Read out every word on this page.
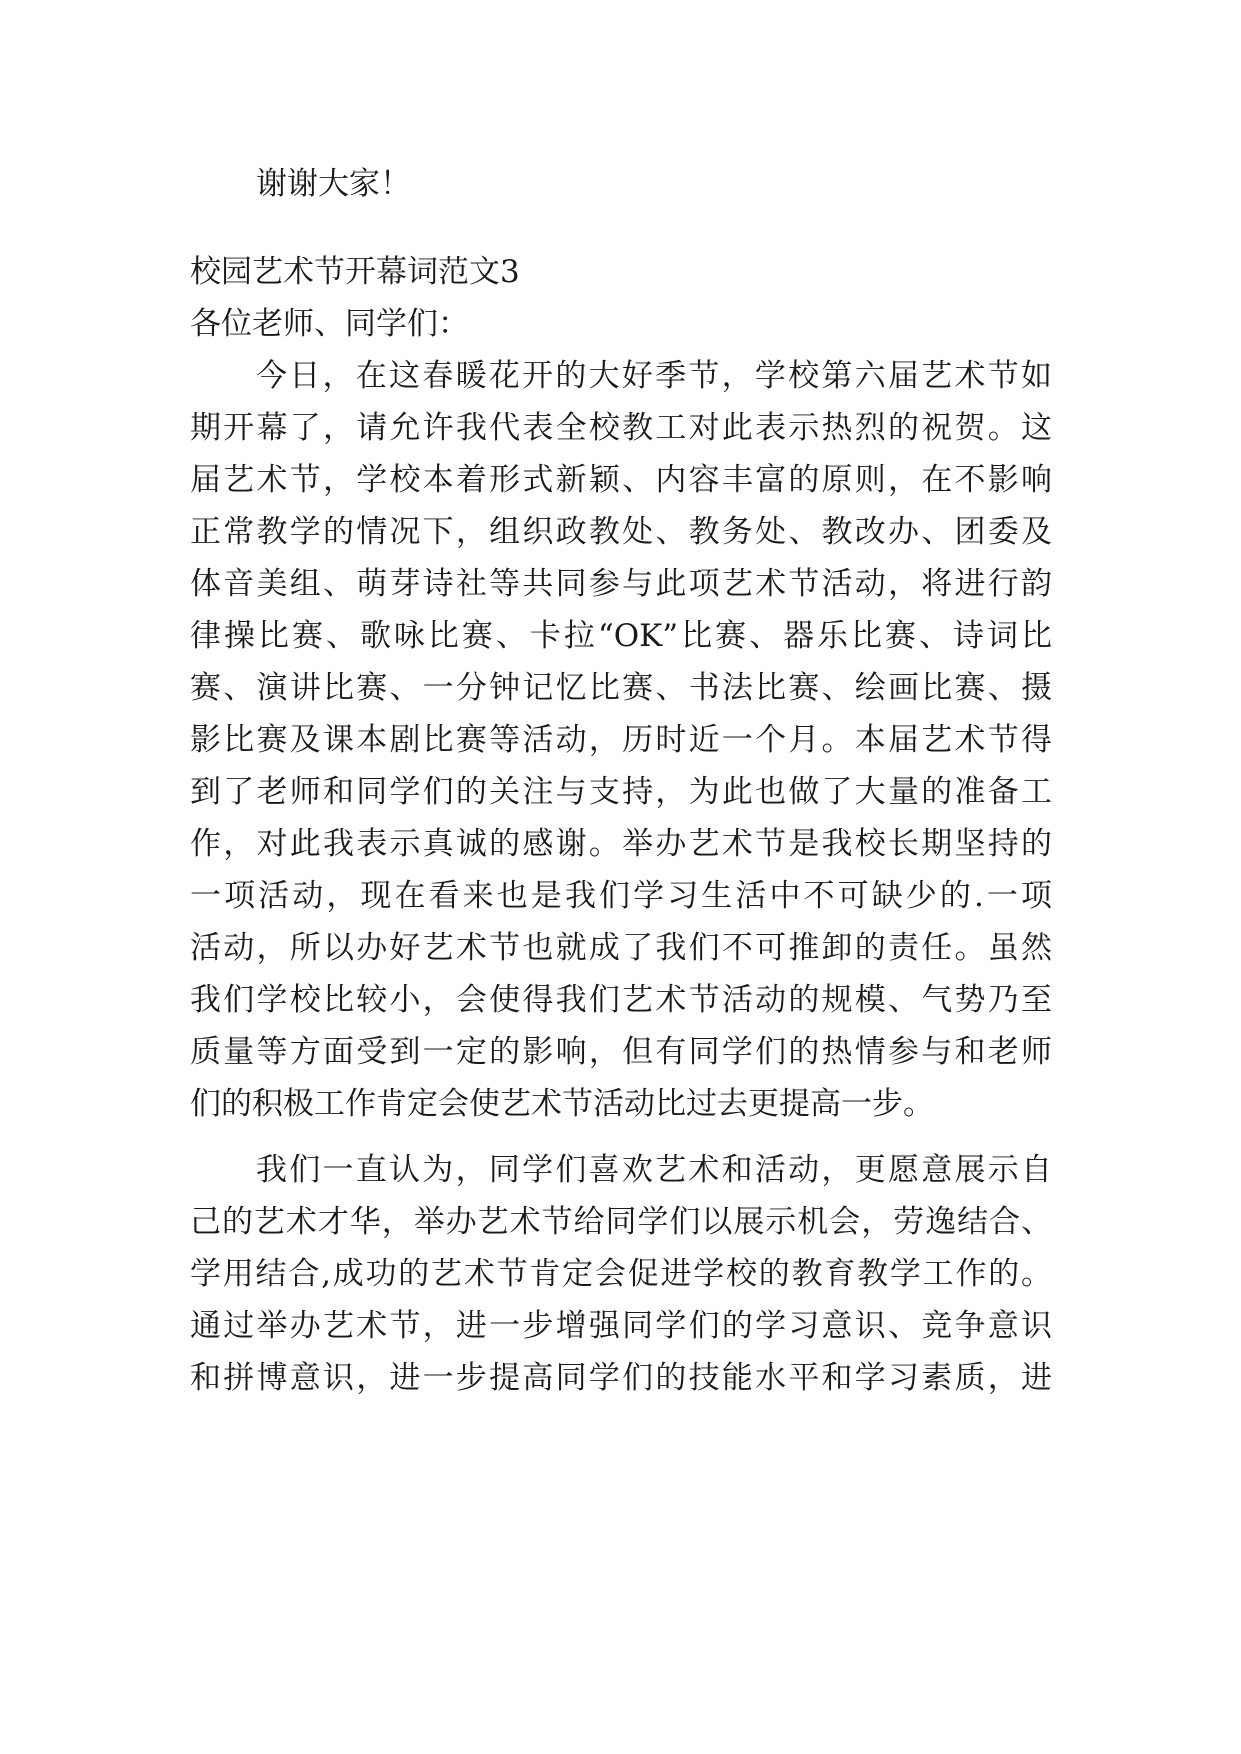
谢谢大家！
校园艺术节开幕词范文3
各位老师、同学们：
今日，在这春暖花开的大好季节，学校第六届艺术节如
期开幕了，请允许我代表全校教工对此表示热烈的祝贺。这
届艺术节，学校本着形式新颖、内容丰富的原则，在不影响
正常教学的情况下，组织政教处、教务处、教改办、团委及
体音美组、萌芽诗社等共同参与此项艺术节活动，将进行韵
律操比赛、歌咏比赛、卡拉“OK”比赛、器乐比赛、诗词比
赛、演讲比赛、一分钟记忆比赛、书法比赛、绘画比赛、摄
影比赛及课本剧比赛等活动，历时近一个月。本届艺术节得
到了老师和同学们的关注与支持，为此也做了大量的准备工
作，对此我表示真诚的感谢。举办艺术节是我校长期坚持的
一项活动，现在看来也是我们学习生活中不可缺少的.一项
活动，所以办好艺术节也就成了我们不可推卸的责任。虽然
我们学校比较小，会使得我们艺术节活动的规模、气势乃至
质量等方面受到一定的影响，但有同学们的热情参与和老师
们的积极工作肯定会使艺术节活动比过去更提高一步。
我们一直认为，同学们喜欢艺术和活动，更愿意展示自
己的艺术才华，举办艺术节给同学们以展示机会，劳逸结合、
学用结合,成功的艺术节肯定会促进学校的教育教学工作的。
通过举办艺术节，进一步增强同学们的学习意识、竞争意识
和拼博意识，进一步提高同学们的技能水平和学习素质，进
